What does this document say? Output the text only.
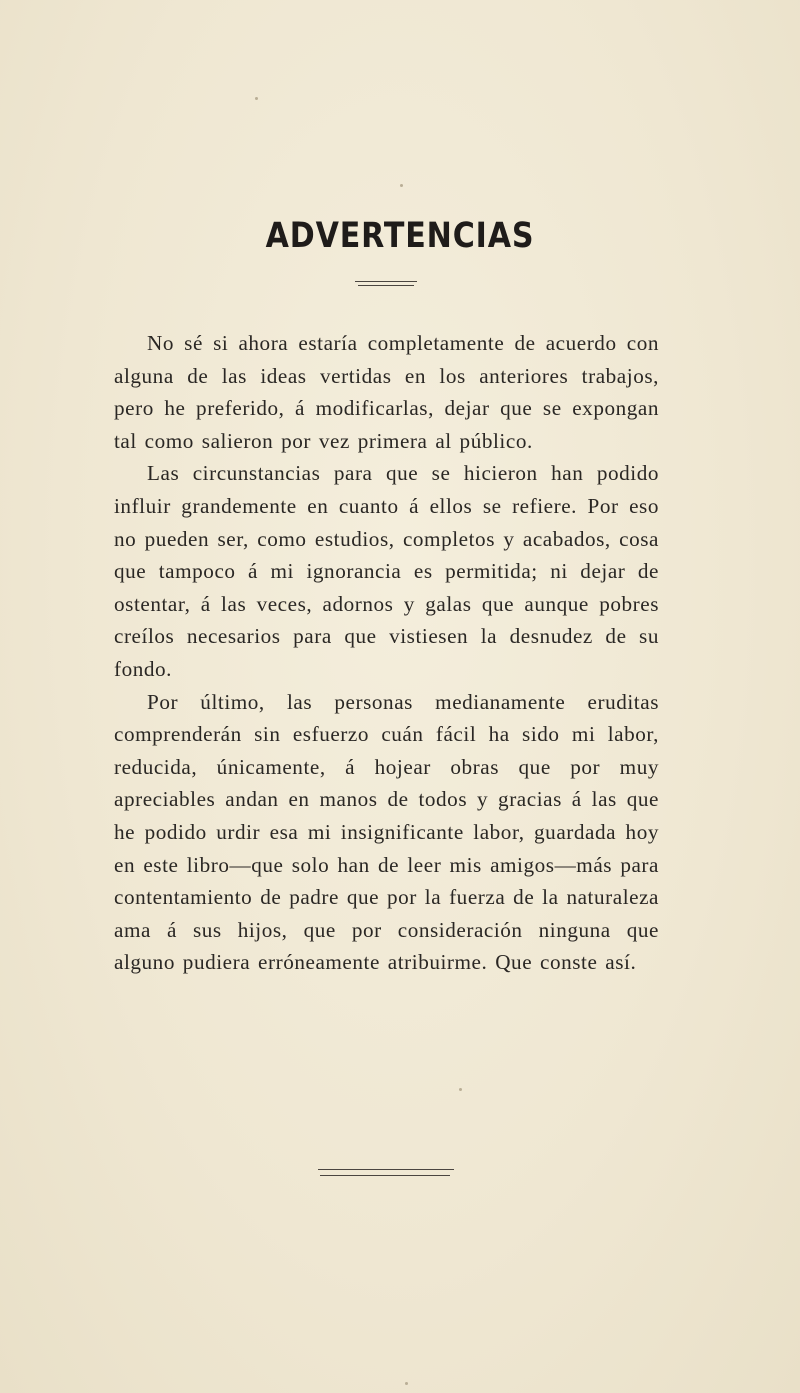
ADVERTENCIAS

No sé si ahora estaría completamente de acuerdo con alguna de las ideas vertidas en los anteriores trabajos, pero he preferido, á modificarlas, dejar que se expongan tal como salieron por vez primera al público.

Las circunstancias para que se hicieron han podido influir grandemente en cuanto á ellos se refiere. Por eso no pueden ser, como estudios, completos y acabados, cosa que tampoco á mi ignorancia es permitida; ni dejar de ostentar, á las veces, adornos y galas que aunque pobres creílos necesarios para que vistiesen la desnudez de su fondo.

Por último, las personas medianamente eruditas comprenderán sin esfuerzo cuán fácil ha sido mi labor, reducida, únicamente, á hojear obras que por muy apreciables andan en manos de todos y gracias á las que he podido urdir esa mi insignificante labor, guardada hoy en este libro—que solo han de leer mis amigos—más para contentamiento de padre que por la fuerza de la naturaleza ama á sus hijos, que por consideración ninguna que alguno pudiera erróneamente atribuirme. Que conste así.
